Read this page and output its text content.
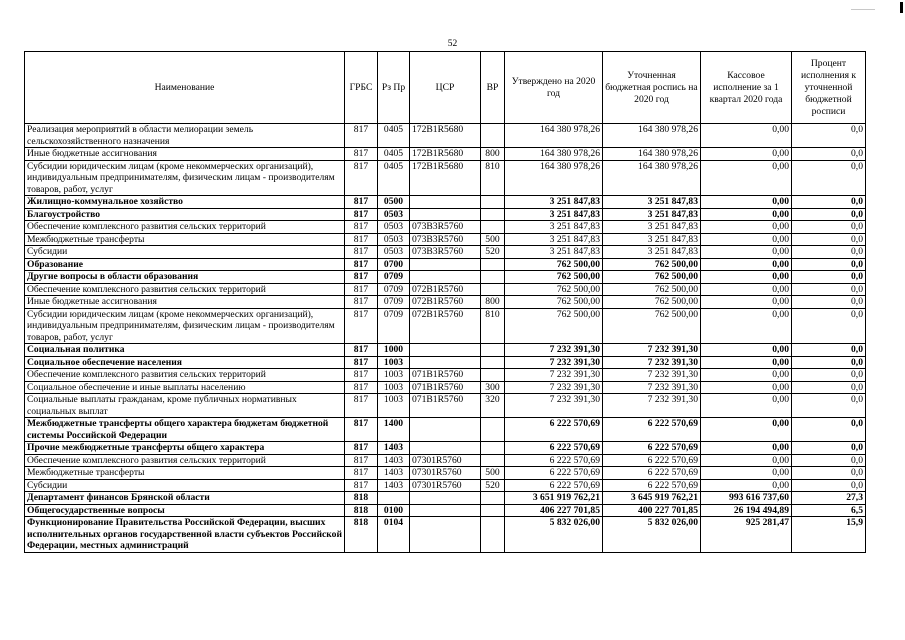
52
Наименование	ГРБС	Рз Пр	ЦСР	ВР	Утверждено на 2020 год	Уточненная бюджетная роспись на 2020 год	Кассовое исполнение за 1 квартал 2020 года	Процент исполнения к уточненной бюджетной росписи
Реализация мероприятий в области мелиорации земель сельскохозяйственного назначения	817	0405	172B1R5680		164 380 978,26	164 380 978,26	0,00	0,0
Иные бюджетные ассигнования	817	0405	172B1R5680	800	164 380 978,26	164 380 978,26	0,00	0,0
Субсидии юридическим лицам (кроме некоммерческих организаций), индивидуальным предпринимателям, физическим лицам - производителям товаров, работ, услуг	817	0405	172B1R5680	810	164 380 978,26	164 380 978,26	0,00	0,0
Жилищно-коммунальное хозяйство	817	0500			3 251 847,83	3 251 847,83	0,00	0,0
Благоустройство	817	0503			3 251 847,83	3 251 847,83	0,00	0,0
Обеспечение комплексного развития сельских территорий	817	0503	073B3R5760		3 251 847,83	3 251 847,83	0,00	0,0
Межбюджетные трансферты	817	0503	073B3R5760	500	3 251 847,83	3 251 847,83	0,00	0,0
Субсидии	817	0503	073B3R5760	520	3 251 847,83	3 251 847,83	0,00	0,0
Образование	817	0700			762 500,00	762 500,00	0,00	0,0
Другие вопросы в области образования	817	0709			762 500,00	762 500,00	0,00	0,0
Обеспечение комплексного развития сельских территорий	817	0709	072B1R5760		762 500,00	762 500,00	0,00	0,0
Иные бюджетные ассигнования	817	0709	072B1R5760	800	762 500,00	762 500,00	0,00	0,0
Субсидии юридическим лицам (кроме некоммерческих организаций), индивидуальным предпринимателям, физическим лицам - производителям товаров, работ, услуг	817	0709	072B1R5760	810	762 500,00	762 500,00	0,00	0,0
Социальная политика	817	1000			7 232 391,30	7 232 391,30	0,00	0,0
Социальное обеспечение населения	817	1003			7 232 391,30	7 232 391,30	0,00	0,0
Обеспечение комплексного развития сельских территорий	817	1003	071B1R5760		7 232 391,30	7 232 391,30	0,00	0,0
Социальное обеспечение и иные выплаты населению	817	1003	071B1R5760	300	7 232 391,30	7 232 391,30	0,00	0,0
Социальные выплаты гражданам, кроме публичных нормативных социальных выплат	817	1003	071B1R5760	320	7 232 391,30	7 232 391,30	0,00	0,0
Межбюджетные трансферты общего характера бюджетам бюджетной системы Российской Федерации	817	1400			6 222 570,69	6 222 570,69	0,00	0,0
Прочие межбюджетные трансферты общего характера	817	1403			6 222 570,69	6 222 570,69	0,00	0,0
Обеспечение комплексного развития сельских территорий	817	1403	07301R5760		6 222 570,69	6 222 570,69	0,00	0,0
Межбюджетные трансферты	817	1403	07301R5760	500	6 222 570,69	6 222 570,69	0,00	0,0
Субсидии	817	1403	07301R5760	520	6 222 570,69	6 222 570,69	0,00	0,0
Департамент финансов Брянской области	818				3 651 919 762,21	3 645 919 762,21	993 616 737,60	27,3
Общегосударственные вопросы	818	0100			406 227 701,85	400 227 701,85	26 194 494,89	6,5
Функционирование Правительства Российской Федерации, высших исполнительных органов государственной власти субъектов Российской Федерации, местных администраций	818	0104			5 832 026,00	5 832 026,00	925 281,47	15,9
